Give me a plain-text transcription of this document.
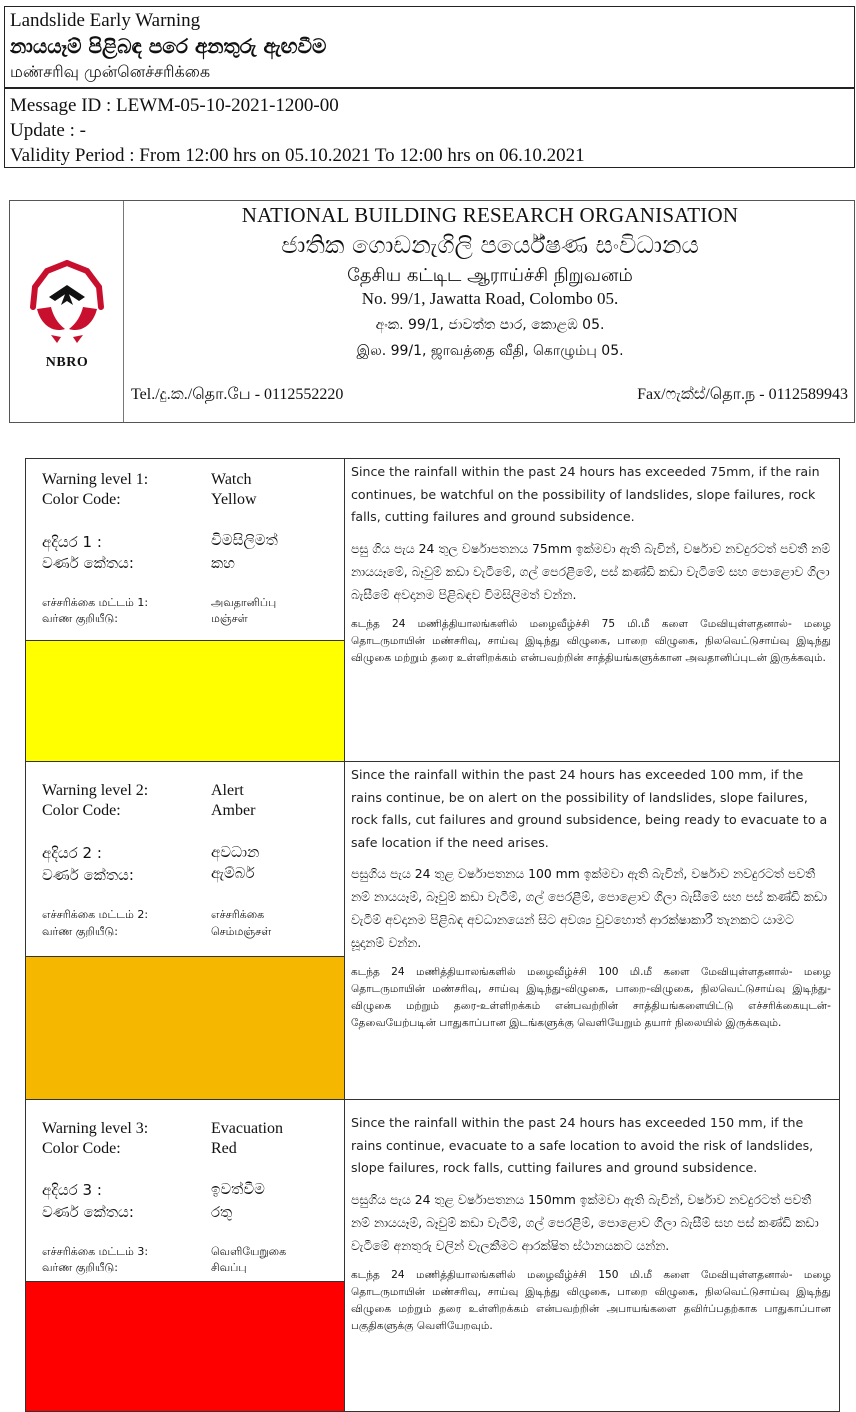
Landslide Early Warning
නායයෑම් පිළිබඳ පරෙ අනතුරු ඇඟවීම
மண்சரிவு முன்னெச்சரிக்கை
Message ID : LEWM-05-10-2021-1200-00
Update : -
Validity Period : From 12:00 hrs on 05.10.2021 To 12:00 hrs on 06.10.2021
NBRO
NATIONAL BUILDING RESEARCH ORGANISATION
ජාතික ගොඩනැගිලි පර්යේෂණ සංවිධානය
தேசிய கட்டிட ஆராய்ச்சி நிறுவனம்
No. 99/1, Jawatta Road, Colombo 05.
අංක. 99/1, ජාවත්ත පාර, කොළඹ 05.
இல. 99/1, ஜாவத்தை வீதி, கொழும்பு 05.
Tel./දු.ක./தொ.பே - 0112552220	Fax/ෆැක්ස්/தொ.ந - 0112589943
Warning level 1:	Watch
Color Code:	Yellow
අදියර 1 :	විමසිලිමත්
වර්ණ කේතය:	කහ
எச்சரிக்கை மட்டம் 1:	அவதானிப்பு
வர்ண குறியீடு:	மஞ்சள்
Since the rainfall within the past 24 hours has exceeded 75mm, if the rain continues, be watchful on the possibility of landslides, slope failures, rock falls, cutting failures and ground subsidence.
පසු ගිය පැය 24 තුල වර්ෂාපතනය 75mm ඉක්මවා ඇති බැවින්, වර්ෂාව නවදුරටත් පවතී නම් නායයෑමේ, බෑවුම් කඩා වැටීමේ, ගල් පෙරළීමේ, පස් කණ්ඩි කඩා වැටීමේ සහ පොළොව ගිලා බැසීමේ අවදානම පිළිබඳව විමසිලිමත් වන්න.
கடந்த 24 மணித்தியாலங்களில் மழைவீழ்ச்சி 75 மி.மீ களை மேவியுள்ளதனால்- மழை தொடருமாயின் மண்சரிவு, சாய்வு இடிந்து விழுகை, பாறை விழுகை, நிலவெட்டுசாய்வு இடிந்து விழுகை மற்றும் தரை உள்ளிறக்கம் என்பவற்றின் சாத்தியங்களுக்கான அவதானிப்புடன் இருக்கவும்.
Warning level 2:	Alert
Color Code:	Amber
අදියර 2 :	අවධාන
වර්ණ කේතය:	ඇම්බර්
எச்சரிக்கை மட்டம் 2:	எச்சரிக்கை
வர்ண குறியீடு:	செம்மஞ்சள்
Since the rainfall within the past 24 hours has exceeded 100 mm, if the rains continue, be on alert on the possibility of landslides, slope failures, rock falls, cut failures and ground subsidence, being ready to evacuate to a safe location if the need arises.
පසුගිය පැය 24 තුළ වර්ෂාපතනය 100 mm ඉක්මවා ඇති බැවින්, වර්ෂාව නවදුරටත් පවතී නම් නායයෑම්, බෑවුම් කඩා වැටීම්, ගල් පෙරළීම්, පොළොව ගිලා බැසීමේ සහ පස් කණ්ඩි කඩා වැටීම් අවදානම පිළිබඳ අවධානයෙන් සිට අවශ්‍ය වුවහොත් ආරක්ෂාකාරී තැනකට යාමට සූදානම් වන්න.
கடந்த 24 மணித்தியாலங்களில் மழைவீழ்ச்சி 100 மி.மீ களை மேவியுள்ளதனால்- மழை தொடருமாயின் மண்சரிவு, சாய்வு இடிந்து-விழுகை, பாறை-விழுகை, நிலவெட்டுசாய்வு இடிந்து-விழுகை மற்றும் தரை-உள்ளிறக்கம் என்பவற்றின் சாத்தியங்களையிட்டு எச்சரிக்கையுடன்- தேவையேற்படின் பாதுகாப்பான இடங்களுக்கு வெளியேறும் தயார் நிலையில் இருக்கவும்.
Warning level 3:	Evacuation
Color Code:	Red
අදියර 3 :	ඉවත්වීම
වර්ණ කේතය:	රතු
எச்சரிக்கை மட்டம் 3:	வெளியேறுகை
வர்ண குறியீடு:	சிவப்பு
Since the rainfall within the past 24 hours has exceeded 150 mm, if the rains continue, evacuate to a safe location to avoid the risk of landslides, slope failures, rock falls, cutting failures and ground subsidence.
පසුගිය පැය 24 තුළ වර්ෂාපතනය 150mm ඉක්මවා ඇති බැවින්, වර්ෂාව නවදුරටත් පවතී නම් නායයෑම්, බෑවුම් කඩා වැටීම්, ගල් පෙරළීම්, පොළොව ගිලා බැසීම් සහ පස් කණ්ඩි කඩා වැටීමේ අනතුරු වලින් වැලකීමට ආරක්ෂිත ස්ථානයකට යන්න.
கடந்த 24 மணித்தியாலங்களில் மழைவீழ்ச்சி 150 மி.மீ களை மேவியுள்ளதனால்- மழை தொடருமாயின் மண்சரிவு, சாய்வு இடிந்து விழுகை, பாறை விழுகை, நிலவெட்டுசாய்வு இடிந்து விழுகை மற்றும் தரை உள்ளிறக்கம் என்பவற்றின் அபாயங்களை தவிர்ப்பதற்காக பாதுகாப்பான பகுதிகளுக்கு வெளியேறவும்.
